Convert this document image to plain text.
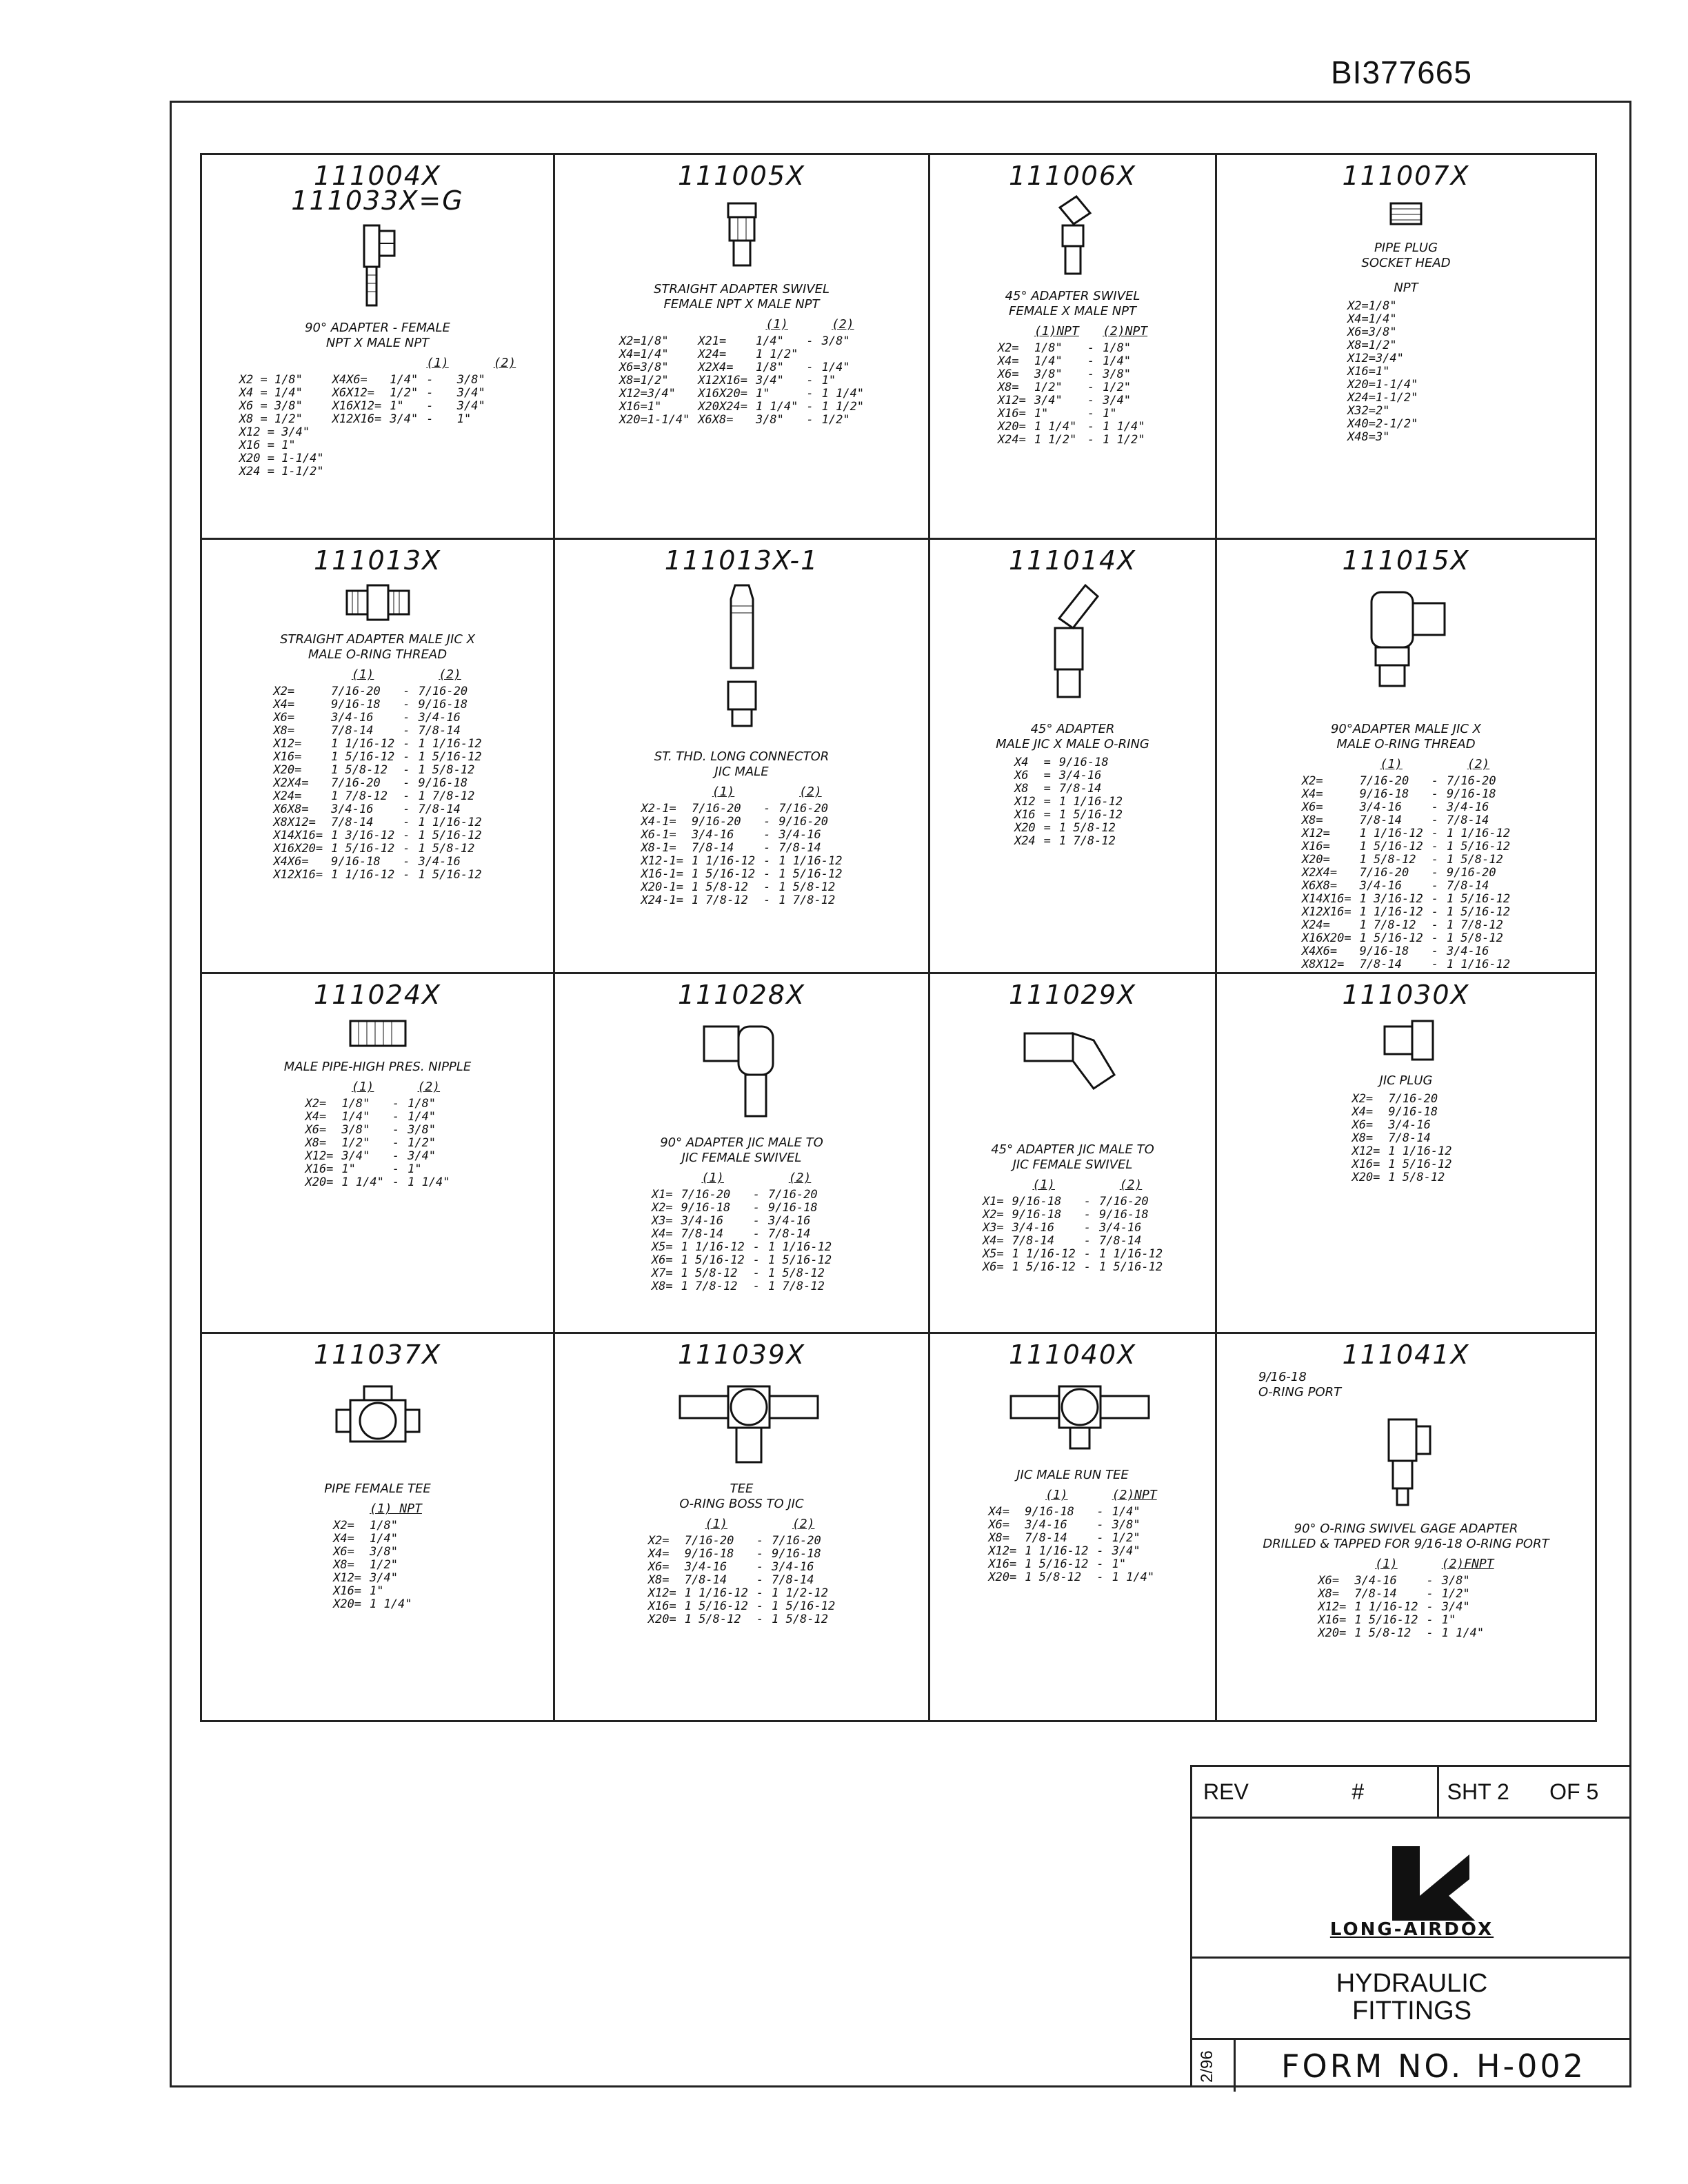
BI377665
111004X
111033X=G
90° ADAPTER - FEMALE
NPT X MALE NPT
			(1)		(2)
X2 = 1/8"	X4X6=	1/4"	-	3/8"	
X4 = 1/4"	X6X12=	1/2"	-	3/4"	
X6 = 3/8"	X16X12=	1"	-	3/4"	
X8 = 1/2"	X12X16=	3/4"	-	1"	
X12 = 3/4"					
X16 = 1"					
X20 = 1-1/4"					
X24 = 1-1/2"					
111005X
STRAIGHT ADAPTER SWIVEL
FEMALE NPT X MALE NPT
		(1)		(2)
X2=1/8"	X21=	1/4"	-	3/8"
X4=1/4"	X24=	1 1/2"		
X6=3/8"	X2X4=	1/8"	-	1/4"
X8=1/2"	X12X16=	3/4"	-	1"
X12=3/4"	X16X20=	1"	-	1 1/4"
X16=1"	X20X24=	1 1/4"	-	1 1/2"
X20=1-1/4"	X6X8=	3/8"	-	1/2"
111006X
45° ADAPTER SWIVEL
FEMALE X MALE NPT
	(1)NPT		(2)NPT
X2=	1/8"	-	1/8"
X4=	1/4"	-	1/4"
X6=	3/8"	-	3/8"
X8=	1/2"	-	1/2"
X12=	3/4"	-	3/4"
X16=	1"	-	1"
X20=	1 1/4"	-	1 1/4"
X24=	1 1/2"	-	1 1/2"
111007X
PIPE PLUG
SOCKET HEAD
NPT
X2=1/8"
X4=1/4"
X6=3/8"
X8=1/2"
X12=3/4"
X16=1"
X20=1-1/4"
X24=1-1/2"
X32=2"
X40=2-1/2"
X48=3"
111013X
STRAIGHT ADAPTER MALE JIC X
MALE O-RING THREAD
	(1)		(2)
X2=	7/16-20	-	7/16-20
X4=	9/16-18	-	9/16-18
X6=	3/4-16	-	3/4-16
X8=	7/8-14	-	7/8-14
X12=	1 1/16-12	-	1 1/16-12
X16=	1 5/16-12	-	1 5/16-12
X20=	1 5/8-12	-	1 5/8-12
X2X4=	7/16-20	-	9/16-18
X24=	1 7/8-12	-	1 7/8-12
X6X8=	3/4-16	-	7/8-14
X8X12=	7/8-14	-	1 1/16-12
X14X16=	1 3/16-12	-	1 5/16-12
X16X20=	1 5/16-12	-	1 5/8-12
X4X6=	9/16-18	-	3/4-16
X12X16=	1 1/16-12	-	1 5/16-12
111013X-1
ST. THD. LONG CONNECTOR
JIC MALE
	(1)		(2)
X2-1=	7/16-20	-	7/16-20
X4-1=	9/16-20	-	9/16-20
X6-1=	3/4-16	-	3/4-16
X8-1=	7/8-14	-	7/8-14
X12-1=	1 1/16-12	-	1 1/16-12
X16-1=	1 5/16-12	-	1 5/16-12
X20-1=	1 5/8-12	-	1 5/8-12
X24-1=	1 7/8-12	-	1 7/8-12
111014X
45° ADAPTER
MALE JIC X MALE O-RING
X4	=	9/16-18	
X6	=	3/4-16	
X8	=	7/8-14	
X12	=	1 1/16-12	
X16	=	1 5/16-12	
X20	=	1 5/8-12	
X24	=	1 7/8-12	
111015X
90°ADAPTER MALE JIC X
MALE O-RING THREAD
	(1)		(2)
X2=	7/16-20	-	7/16-20
X4=	9/16-18	-	9/16-18
X6=	3/4-16	-	3/4-16
X8=	7/8-14	-	7/8-14
X12=	1 1/16-12	-	1 1/16-12
X16=	1 5/16-12	-	1 5/16-12
X20=	1 5/8-12	-	1 5/8-12
X2X4=	7/16-20	-	9/16-20
X6X8=	3/4-16	-	7/8-14
X14X16=	1 3/16-12	-	1 5/16-12
X12X16=	1 1/16-12	-	1 5/16-12
X24=	1 7/8-12	-	1 7/8-12
X16X20=	1 5/16-12	-	1 5/8-12
X4X6=	9/16-18	-	3/4-16
X8X12=	7/8-14	-	1 1/16-12
111024X
MALE PIPE-HIGH PRES. NIPPLE
	(1)		(2)
X2=	1/8"	-	1/8"
X4=	1/4"	-	1/4"
X6=	3/8"	-	3/8"
X8=	1/2"	-	1/2"
X12=	3/4"	-	3/4"
X16=	1"	-	1"
X20=	1 1/4"	-	1 1/4"
111028X
90° ADAPTER JIC MALE TO
JIC FEMALE SWIVEL
	(1)		(2)
X1=	7/16-20	-	7/16-20
X2=	9/16-18	-	9/16-18
X3=	3/4-16	-	3/4-16
X4=	7/8-14	-	7/8-14
X5=	1 1/16-12	-	1 1/16-12
X6=	1 5/16-12	-	1 5/16-12
X7=	1 5/8-12	-	1 5/8-12
X8=	1 7/8-12	-	1 7/8-12
111029X
45° ADAPTER JIC MALE TO
JIC FEMALE SWIVEL
	(1)		(2)
X1=	9/16-18	-	7/16-20
X2=	9/16-18	-	9/16-18
X3=	3/4-16	-	3/4-16
X4=	7/8-14	-	7/8-14
X5=	1 1/16-12	-	1 1/16-12
X6=	1 5/16-12	-	1 5/16-12
111030X
JIC PLUG
X2=	7/16-20	
X4=	9/16-18	
X6=	3/4-16	
X8=	7/8-14	
X12=	1 1/16-12	
X16=	1 5/16-12	
X20=	1 5/8-12	
111037X
PIPE FEMALE TEE
	(1) NPT
X2=	1/8"
X4=	1/4"
X6=	3/8"
X8=	1/2"
X12=	3/4"
X16=	1"
X20=	1 1/4"
111039X
TEE
O-RING BOSS TO JIC
	(1)		(2)
X2=	7/16-20	-	7/16-20
X4=	9/16-18	-	9/16-18
X6=	3/4-16	-	3/4-16
X8=	7/8-14	-	7/8-14
X12=	1 1/16-12	-	1 1/2-12
X16=	1 5/16-12	-	1 5/16-12
X20=	1 5/8-12	-	1 5/8-12
111040X
JIC MALE RUN TEE
	(1)		(2)NPT
X4=	9/16-18	-	1/4"
X6=	3/4-16	-	3/8"
X8=	7/8-14	-	1/2"
X12=	1 1/16-12	-	3/4"
X16=	1 5/16-12	-	1"
X20=	1 5/8-12	-	1 1/4"
111041X
9/16-18
O-RING PORT
90° O-RING SWIVEL GAGE ADAPTER
DRILLED & TAPPED FOR 9/16-18 O-RING PORT
	(1)		(2)FNPT
X6=	3/4-16	-	3/8"
X8=	7/8-14	-	1/2"
X12=	1 1/16-12	-	3/4"
X16=	1 5/16-12	-	1"
X20=	1 5/8-12	-	1 1/4"
REV	#	SHT 2	OF 5
LONG-AIRDOX
HYDRAULIC
FITTINGS
2/96	FORM NO. H-002
